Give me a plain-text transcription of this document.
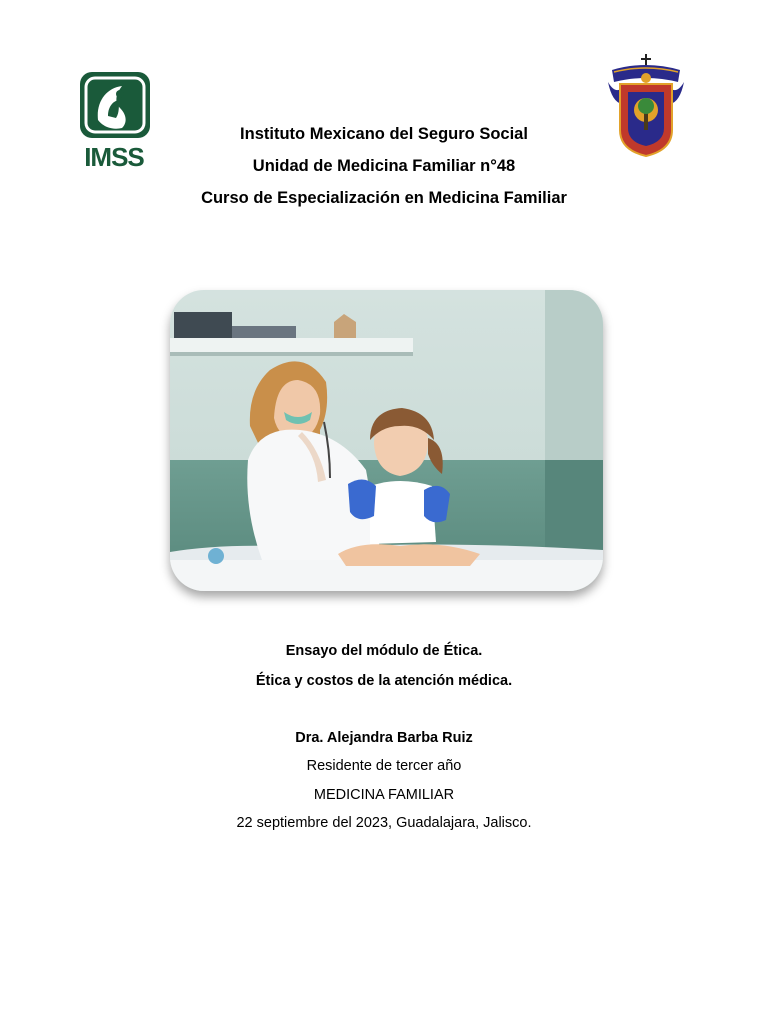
IMSS

Instituto Mexicano del Seguro Social

Unidad de Medicina Familiar n°48

Curso de Especialización en Medicina Familiar

Ensayo del módulo de Ética.

Ética y costos de la atención médica.

Dra. Alejandra Barba Ruiz

Residente de tercer año

MEDICINA FAMILIAR

22 septiembre del 2023, Guadalajara, Jalisco.
